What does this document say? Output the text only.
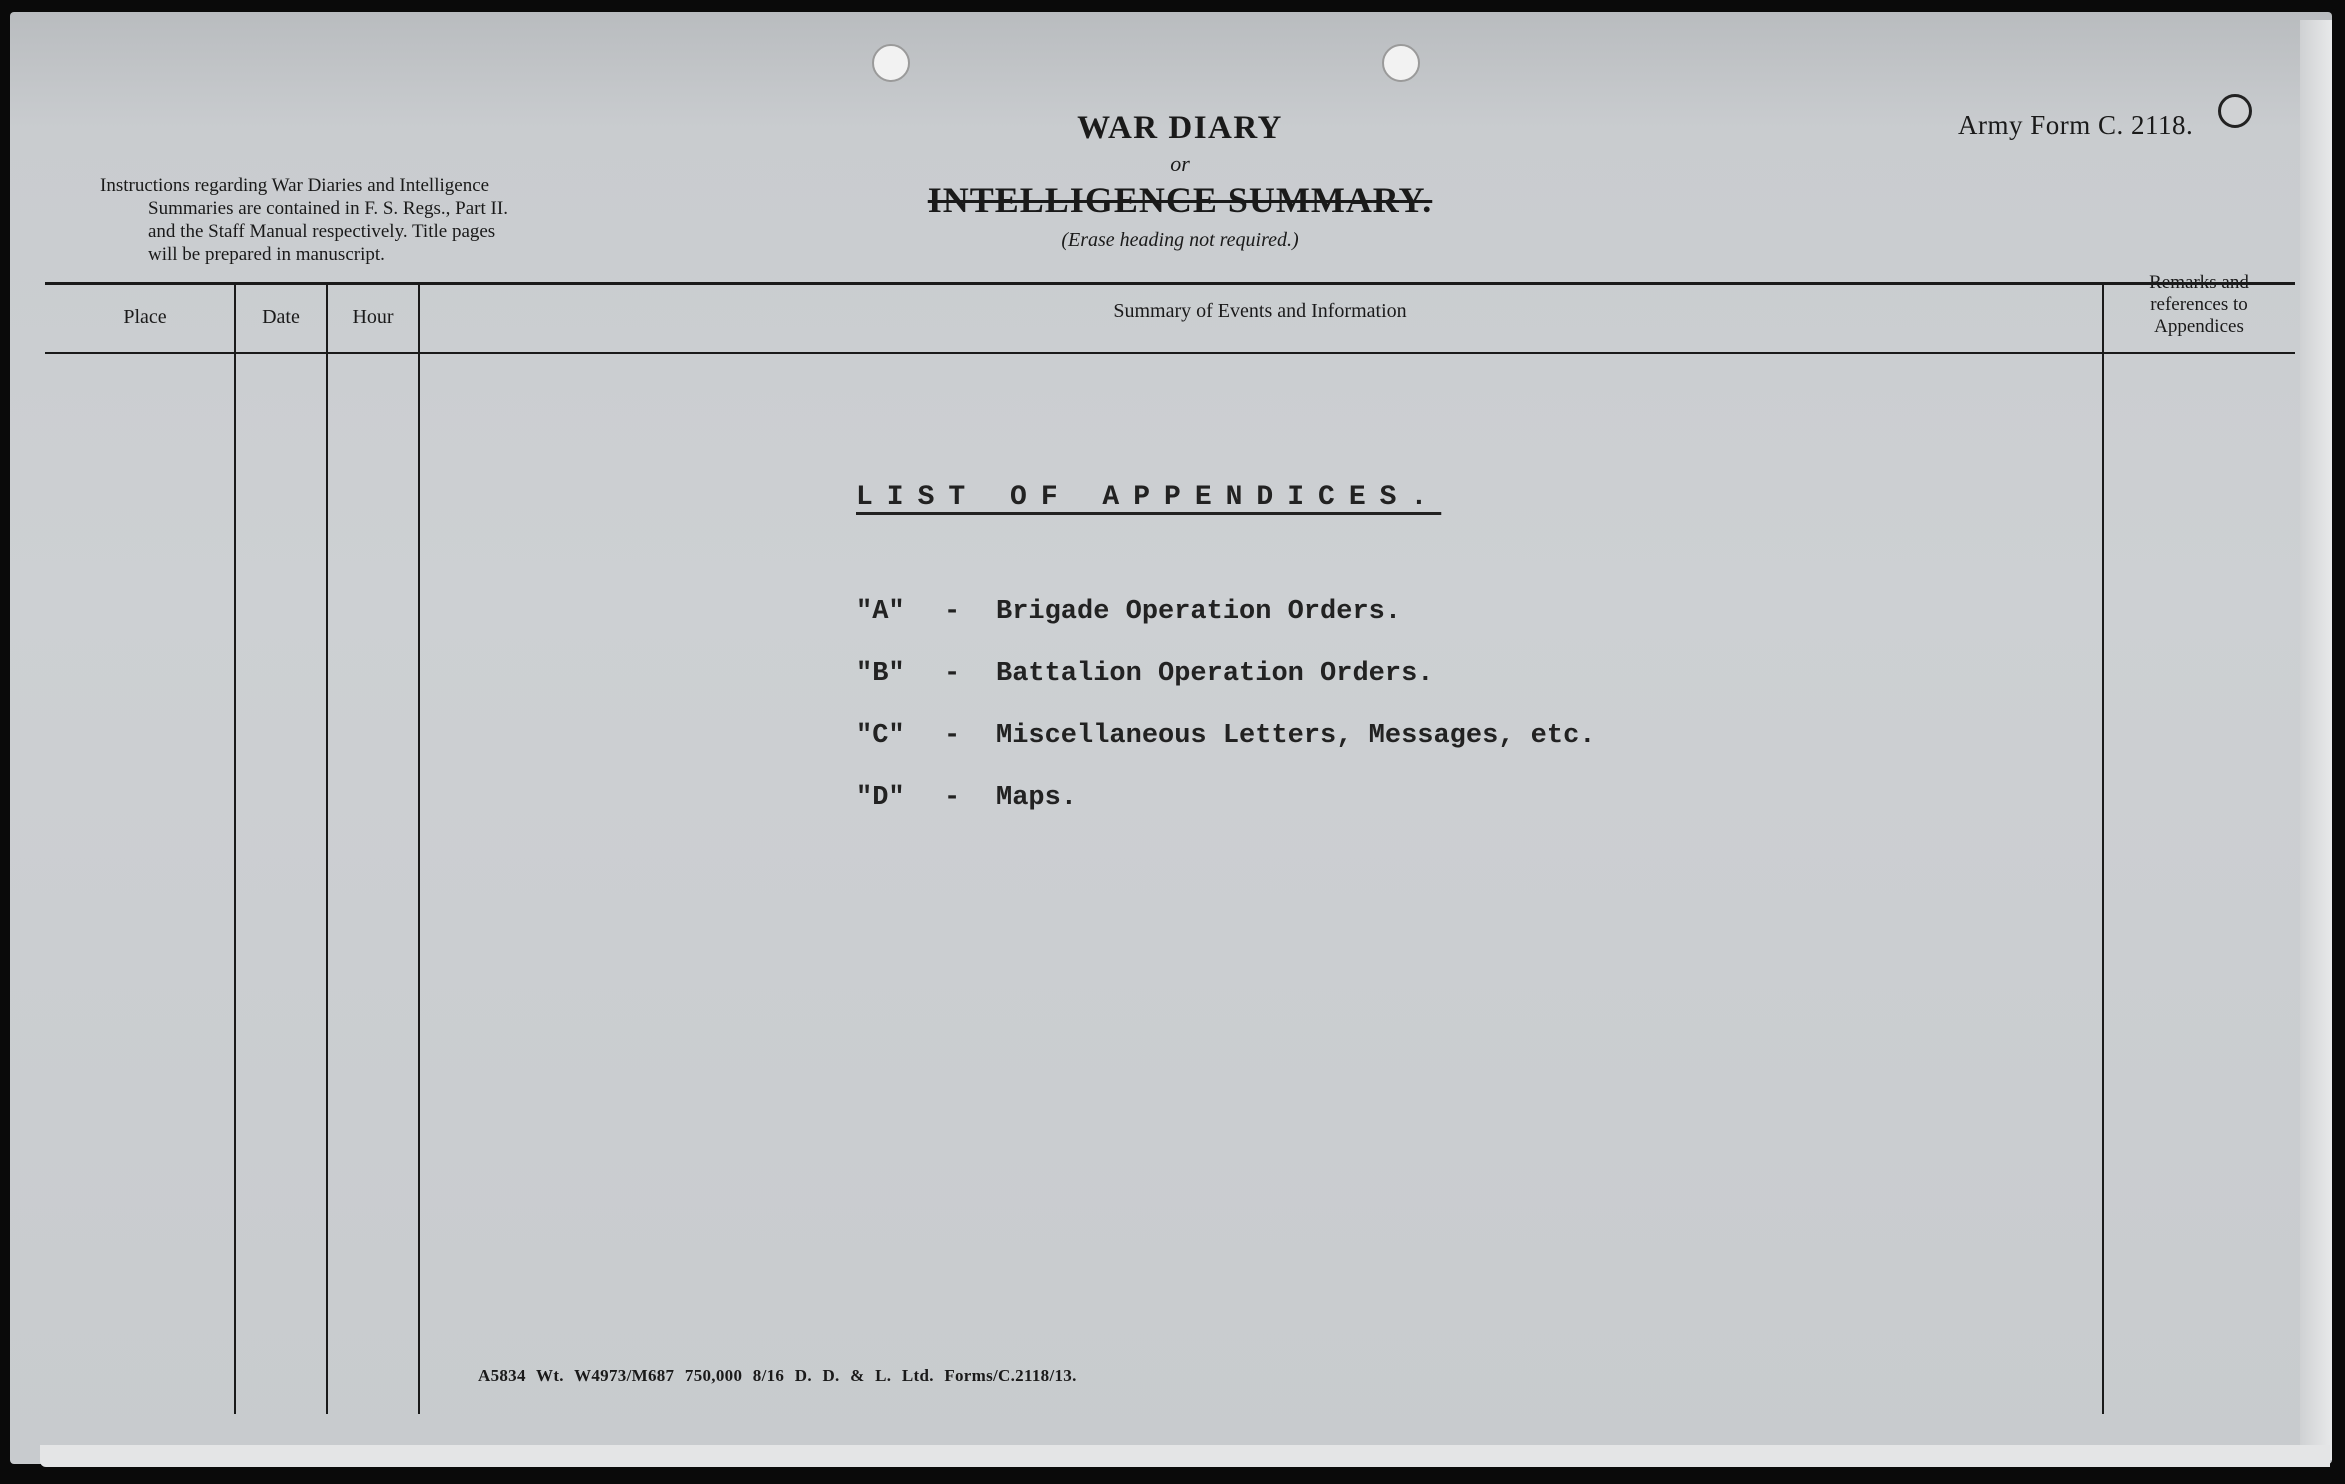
Instructions regarding War Diaries and Intelligence

Summaries are contained in F. S. Regs., Part II.

and the Staff Manual respectively. Title pages

will be prepared in manuscript.

WAR DIARY
or
INTELLIGENCE SUMMARY.
(Erase heading not required.)
Army Form C. 2118.
Place	Date	Hour	Summary of Events and Information
Remarks and
references to
Appendices
LIST OF APPENDICES.
"A"	-	Brigade Operation Orders.
"B"	-	Battalion Operation Orders.
"C"	-	Miscellaneous Letters, Messages, etc.
"D"	-	Maps.
A5834 Wt. W4973/M687 750,000 8/16 D. D. & L. Ltd. Forms/C.2118/13.
